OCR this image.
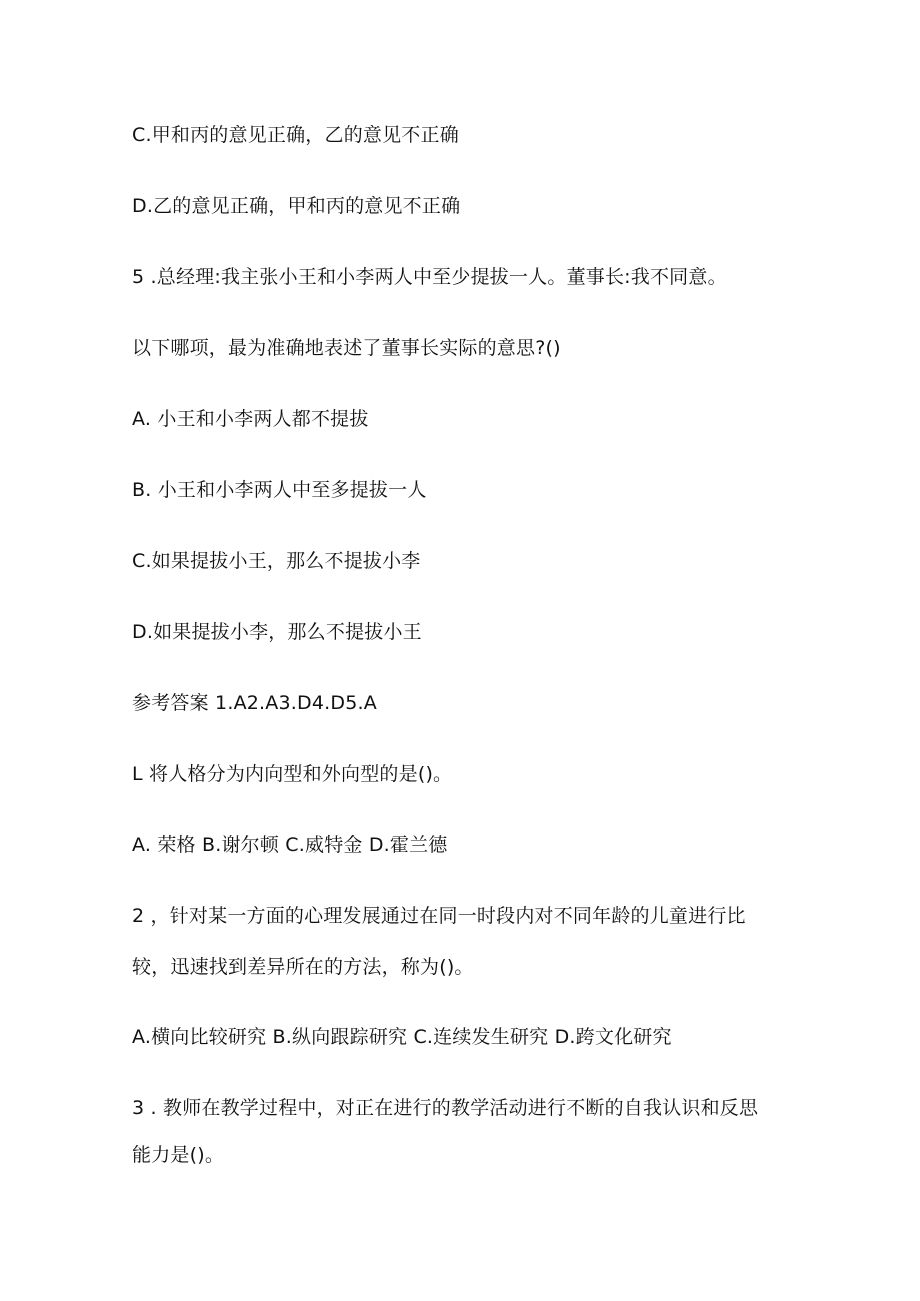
C.甲和丙的意见正确，乙的意见不正确
D.乙的意见正确，甲和丙的意见不正确
5 .总经理:我主张小王和小李两人中至少提拔一人。董事长:我不同意。
以下哪项，最为准确地表述了董事长实际的意思?()
A. 小王和小李两人都不提拔
B. 小王和小李两人中至多提拔一人
C.如果提拔小王，那么不提拔小李
D.如果提拔小李，那么不提拔小王
参考答案 1.A2.A3.D4.D5.A
L 将人格分为内向型和外向型的是()。
A. 荣格 B.谢尔顿 C.威特金 D.霍兰德
2 ，针对某一方面的心理发展通过在同一时段内对不同年龄的儿童进行比
较，迅速找到差异所在的方法，称为()。
A.横向比较研究 B.纵向跟踪研究 C.连续发生研究 D.跨文化研究
3 . 教师在教学过程中，对正在进行的教学活动进行不断的自我认识和反思
能力是()。
